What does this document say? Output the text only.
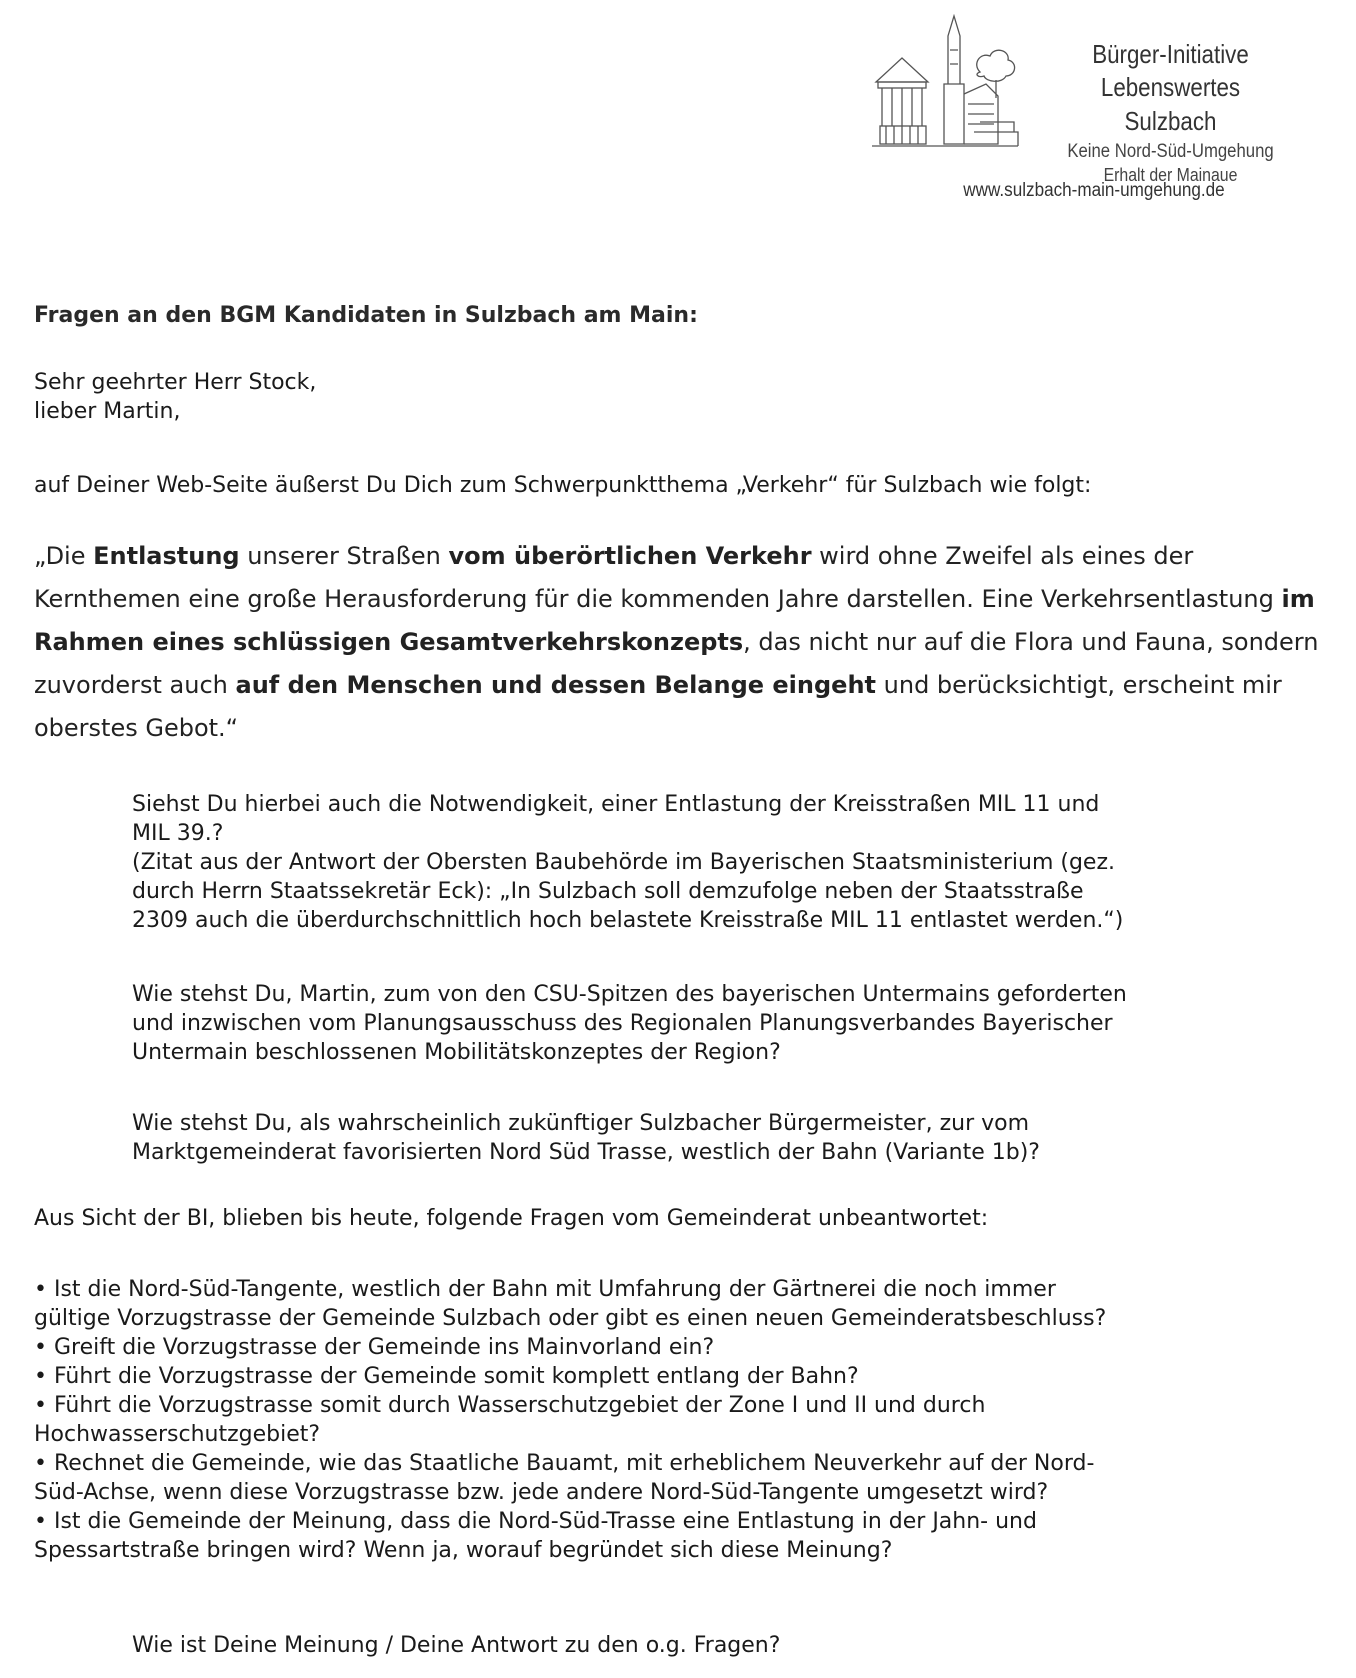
Bürger-Initiative
Lebenswertes Sulzbach
Keine Nord-Süd-Umgehung
Erhalt der Mainaue
www.sulzbach-main-umgehung.de
Fragen an den BGM Kandidaten in Sulzbach am Main:
Sehr geehrter Herr Stock,
lieber Martin,
auf Deiner Web-Seite äußerst Du Dich zum Schwerpunktthema „Verkehr“ für Sulzbach wie folgt:
„Die Entlastung unserer Straßen vom überörtlichen Verkehr wird ohne Zweifel als eines der Kernthemen eine große Herausforderung für die kommenden Jahre darstellen. Eine Verkehrsentlastung im Rahmen eines schlüssigen Gesamtverkehrskonzepts, das nicht nur auf die Flora und Fauna, sondern zuvorderst auch auf den Menschen und dessen Belange eingeht und berücksichtigt, erscheint mir oberstes Gebot.“
Siehst Du hierbei auch die Notwendigkeit, einer Entlastung der Kreisstraßen MIL 11 und
MIL 39.?
(Zitat aus der Antwort der Obersten Baubehörde im Bayerischen Staatsministerium (gez.
durch Herrn Staatssekretär Eck): „In Sulzbach soll demzufolge neben der Staatsstraße
2309 auch die überdurchschnittlich hoch belastete Kreisstraße MIL 11 entlastet werden.“)
Wie stehst Du, Martin, zum von den CSU-Spitzen des bayerischen Untermains geforderten
und inzwischen vom Planungsausschuss des Regionalen Planungsverbandes Bayerischer
Untermain beschlossenen Mobilitätskonzeptes der Region?
Wie stehst Du, als wahrscheinlich zukünftiger Sulzbacher Bürgermeister, zur vom
Marktgemeinderat favorisierten Nord Süd Trasse, westlich der Bahn (Variante 1b)?
Aus Sicht der BI, blieben bis heute, folgende Fragen vom Gemeinderat unbeantwortet:
• Ist die Nord-Süd-Tangente, westlich der Bahn mit Umfahrung der Gärtnerei die noch immer
gültige Vorzugstrasse der Gemeinde Sulzbach oder gibt es einen neuen Gemeinderatsbeschluss?
• Greift die Vorzugstrasse der Gemeinde ins Mainvorland ein?
• Führt die Vorzugstrasse der Gemeinde somit komplett entlang der Bahn?
• Führt die Vorzugstrasse somit durch Wasserschutzgebiet der Zone I und II und durch
Hochwasserschutzgebiet?
• Rechnet die Gemeinde, wie das Staatliche Bauamt, mit erheblichem Neuverkehr auf der Nord-
Süd-Achse, wenn diese Vorzugstrasse bzw. jede andere Nord-Süd-Tangente umgesetzt wird?
• Ist die Gemeinde der Meinung, dass die Nord-Süd-Trasse eine Entlastung in der Jahn- und
Spessartstraße bringen wird? Wenn ja, worauf begründet sich diese Meinung?
Wie ist Deine Meinung / Deine Antwort zu den o.g. Fragen?
